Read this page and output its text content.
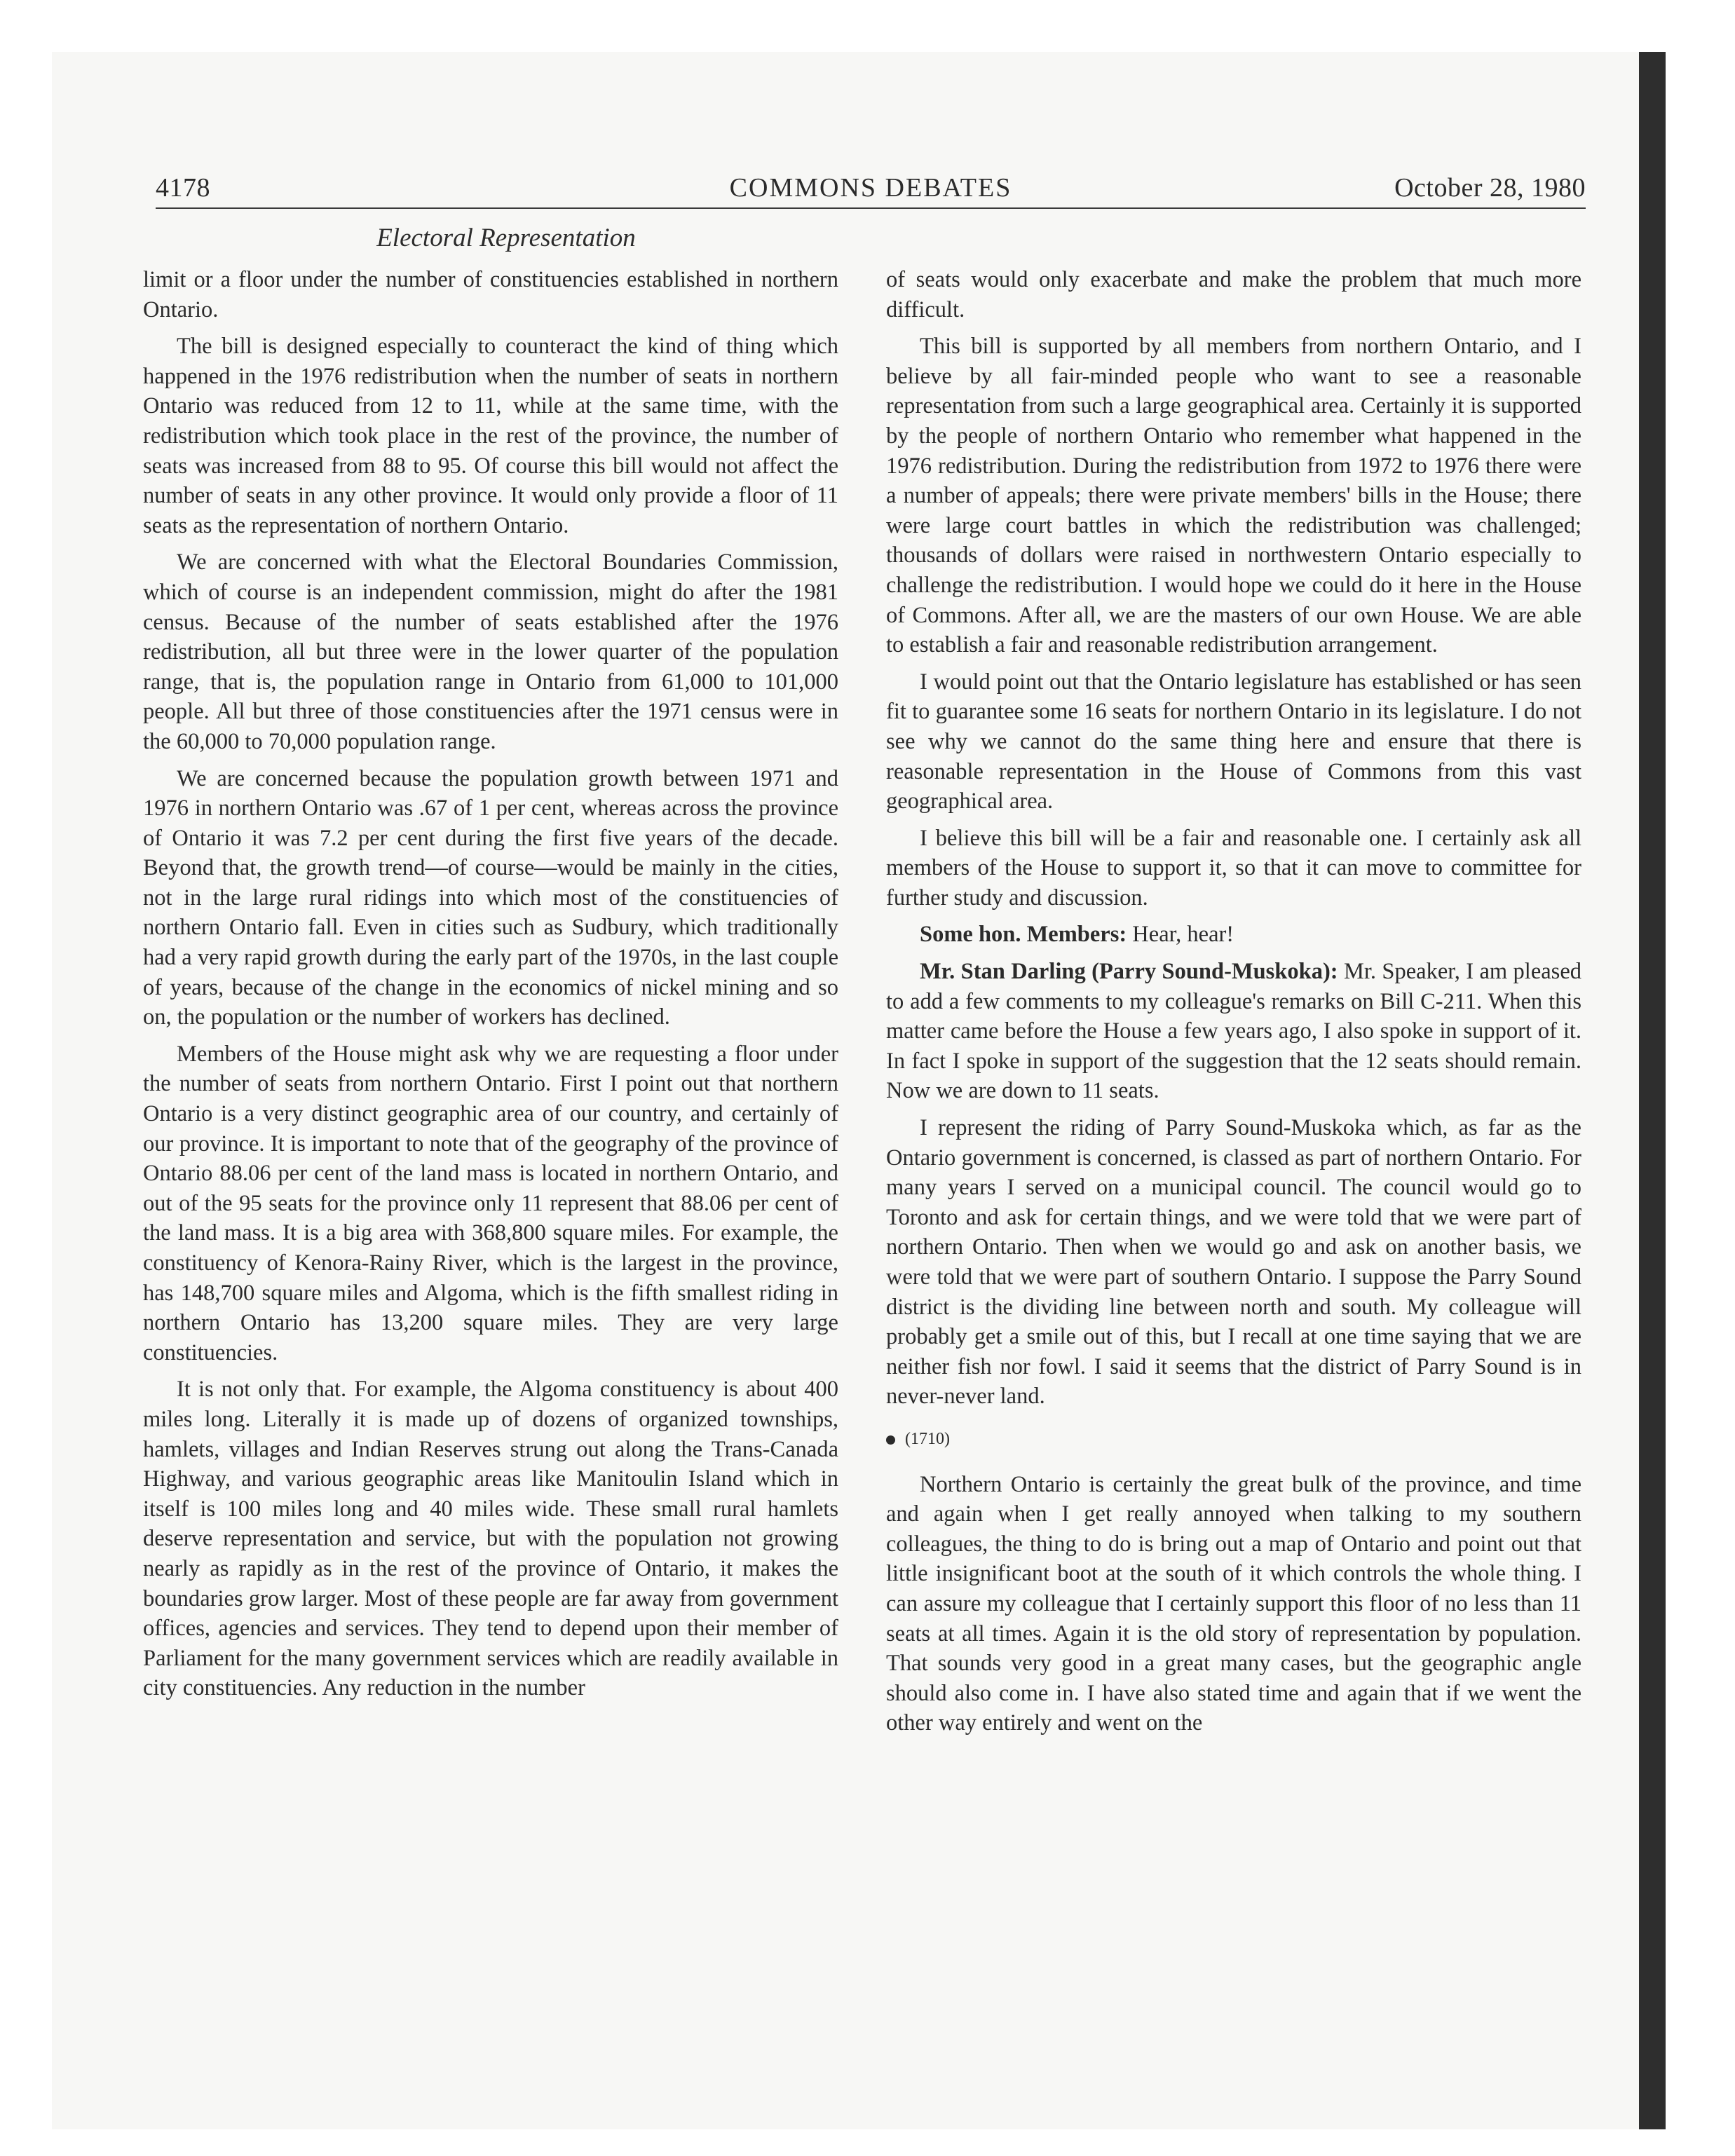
4178	COMMONS DEBATES	October 28, 1980
Electoral Representation

limit or a floor under the number of constituencies established in northern Ontario.

The bill is designed especially to counteract the kind of thing which happened in the 1976 redistribution when the number of seats in northern Ontario was reduced from 12 to 11, while at the same time, with the redistribution which took place in the rest of the province, the number of seats was increased from 88 to 95. Of course this bill would not affect the number of seats in any other province. It would only provide a floor of 11 seats as the representation of northern Ontario.

We are concerned with what the Electoral Boundaries Commission, which of course is an independent commission, might do after the 1981 census. Because of the number of seats established after the 1976 redistribution, all but three were in the lower quarter of the population range, that is, the population range in Ontario from 61,000 to 101,000 people. All but three of those constituencies after the 1971 census were in the 60,000 to 70,000 population range.

We are concerned because the population growth between 1971 and 1976 in northern Ontario was .67 of 1 per cent, whereas across the province of Ontario it was 7.2 per cent during the first five years of the decade. Beyond that, the growth trend—of course—would be mainly in the cities, not in the large rural ridings into which most of the constituencies of northern Ontario fall. Even in cities such as Sudbury, which traditionally had a very rapid growth during the early part of the 1970s, in the last couple of years, because of the change in the economics of nickel mining and so on, the population or the number of workers has declined.

Members of the House might ask why we are requesting a floor under the number of seats from northern Ontario. First I point out that northern Ontario is a very distinct geographic area of our country, and certainly of our province. It is important to note that of the geography of the province of Ontario 88.06 per cent of the land mass is located in northern Ontario, and out of the 95 seats for the province only 11 represent that 88.06 per cent of the land mass. It is a big area with 368,800 square miles. For example, the constituency of Kenora-Rainy River, which is the largest in the province, has 148,700 square miles and Algoma, which is the fifth smallest riding in northern Ontario has 13,200 square miles. They are very large constituencies.

It is not only that. For example, the Algoma constituency is about 400 miles long. Literally it is made up of dozens of organized townships, hamlets, villages and Indian Reserves strung out along the Trans-Canada Highway, and various geographic areas like Manitoulin Island which in itself is 100 miles long and 40 miles wide. These small rural hamlets deserve representation and service, but with the population not growing nearly as rapidly as in the rest of the province of Ontario, it makes the boundaries grow larger. Most of these people are far away from government offices, agencies and services. They tend to depend upon their member of Parliament for the many government services which are readily available in city constituencies. Any reduction in the number

of seats would only exacerbate and make the problem that much more difficult.

This bill is supported by all members from northern Ontario, and I believe by all fair-minded people who want to see a reasonable representation from such a large geographical area. Certainly it is supported by the people of northern Ontario who remember what happened in the 1976 redistribution. During the redistribution from 1972 to 1976 there were a number of appeals; there were private members' bills in the House; there were large court battles in which the redistribution was challenged; thousands of dollars were raised in northwestern Ontario especially to challenge the redistribution. I would hope we could do it here in the House of Commons. After all, we are the masters of our own House. We are able to establish a fair and reasonable redistribution arrangement.

I would point out that the Ontario legislature has established or has seen fit to guarantee some 16 seats for northern Ontario in its legislature. I do not see why we cannot do the same thing here and ensure that there is reasonable representation in the House of Commons from this vast geographical area.

I believe this bill will be a fair and reasonable one. I certainly ask all members of the House to support it, so that it can move to committee for further study and discussion.

Some hon. Members: Hear, hear!

Mr. Stan Darling (Parry Sound-Muskoka): Mr. Speaker, I am pleased to add a few comments to my colleague's remarks on Bill C-211. When this matter came before the House a few years ago, I also spoke in support of it. In fact I spoke in support of the suggestion that the 12 seats should remain. Now we are down to 11 seats.

I represent the riding of Parry Sound-Muskoka which, as far as the Ontario government is concerned, is classed as part of northern Ontario. For many years I served on a municipal council. The council would go to Toronto and ask for certain things, and we were told that we were part of northern Ontario. Then when we would go and ask on another basis, we were told that we were part of southern Ontario. I suppose the Parry Sound district is the dividing line between north and south. My colleague will probably get a smile out of this, but I recall at one time saying that we are neither fish nor fowl. I said it seems that the district of Parry Sound is in never-never land.

(1710)

Northern Ontario is certainly the great bulk of the province, and time and again when I get really annoyed when talking to my southern colleagues, the thing to do is bring out a map of Ontario and point out that little insignificant boot at the south of it which controls the whole thing. I can assure my colleague that I certainly support this floor of no less than 11 seats at all times. Again it is the old story of representation by population. That sounds very good in a great many cases, but the geographic angle should also come in. I have also stated time and again that if we went the other way entirely and went on the
